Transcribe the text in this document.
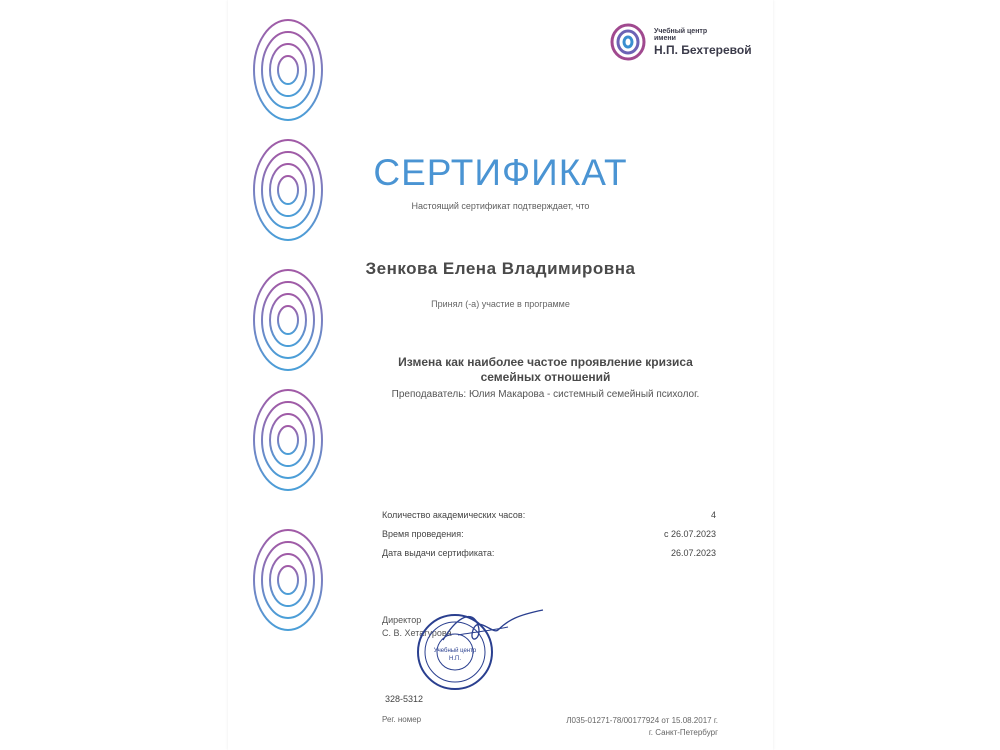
Учебный центр
имени
Н.П. Бехтеревой
СЕРТИФИКАТ
Настоящий сертификат подтверждает, что
Зенкова Елена Владимировна
Принял (-а) участие в программе
Измена как наиболее частое проявление кризиса
семейных отношений
Преподаватель: Юлия Макарова - системный семейный психолог.
Количество академических часов:	4
Время проведения:	с 26.07.2023
Дата выдачи сертификата:	26.07.2023
Директор
С. В. Хетагурова
Учебный центр
Н.П.
328-5312
Рег. номер	Л035-01271-78/00177924 от 15.08.2017 г.
г. Санкт-Петербург
